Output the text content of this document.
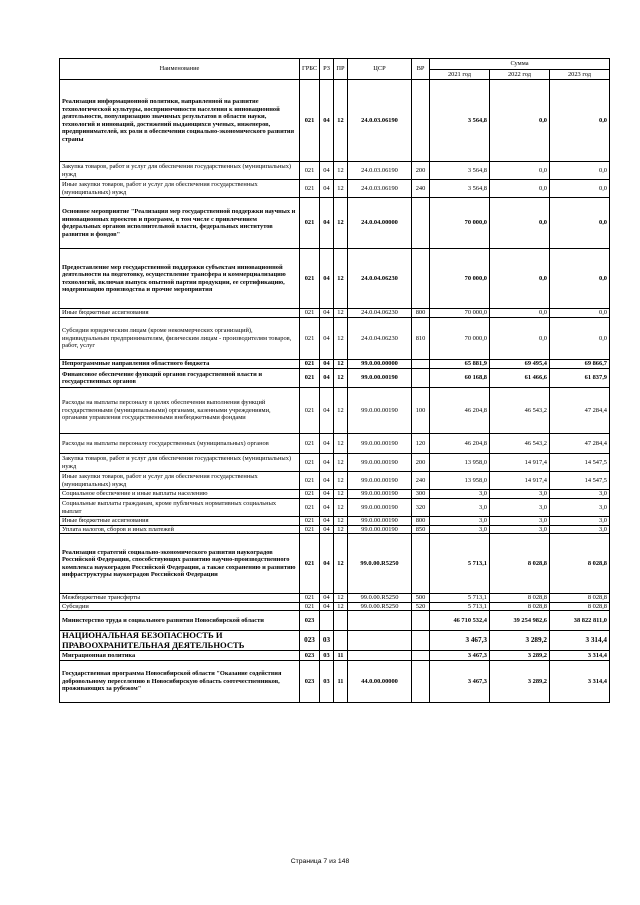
Наименование	ГРБС	РЗ	ПР	ЦСР	ВР	Сумма		
						2021 год	2022 год	2023 год
Реализация информационной политики, направленной на развитие технологической культуры, восприимчивости населения к инновационной деятельности, популяризацию значимых результатов в области науки, технологий и инноваций, достижений выдающихся ученых, инженеров, предпринимателей, их роли в обеспечении социально-экономического развития страны	021	04	12	24.0.03.06190		3 564,8	0,0	0,0
Закупка товаров, работ и услуг для обеспечения государственных (муниципальных) нужд	021	04	12	24.0.03.06190	200	3 564,8	0,0	0,0
Иные закупки товаров, работ и услуг для обеспечения государственных (муниципальных) нужд	021	04	12	24.0.03.06190	240	3 564,8	0,0	0,0
Основное мероприятие "Реализация мер государственной поддержки научных и инновационных проектов и программ, в том числе с привлечением федеральных органов исполнительной власти, федеральных институтов развития и фондов"	021	04	12	24.0.04.00000		70 000,0	0,0	0,0
Предоставление мер государственной поддержки субъектам инновационной деятельности на подготовку, осуществление трансфера и коммерциализацию технологий, включая выпуск опытной партии продукции, ее сертификацию, модернизацию производства и прочие мероприятия	021	04	12	24.0.04.06230		70 000,0	0,0	0,0
Иные бюджетные ассигнования	021	04	12	24.0.04.06230	800	70 000,0	0,0	0,0
Субсидии юридическим лицам (кроме некоммерческих организаций), индивидуальным предпринимателям, физическим лицам - производителям товаров, работ, услуг	021	04	12	24.0.04.06230	810	70 000,0	0,0	0,0
Непрограммные направления областного бюджета	021	04	12	99.0.00.00000		65 881,9	69 495,4	69 866,7
Финансовое обеспечение функций органов государственной власти и государственных органов	021	04	12	99.0.00.00190		60 168,8	61 466,6	61 837,9
Расходы на выплаты персоналу в целях обеспечения выполнения функций государственными (муниципальными) органами, казенными учреждениями, органами управления государственными внебюджетными фондами	021	04	12	99.0.00.00190	100	46 204,8	46 543,2	47 284,4
Расходы на выплаты персоналу государственных (муниципальных) органов	021	04	12	99.0.00.00190	120	46 204,8	46 543,2	47 284,4
Закупка товаров, работ и услуг для обеспечения государственных (муниципальных) нужд	021	04	12	99.0.00.00190	200	13 958,0	14 917,4	14 547,5
Иные закупки товаров, работ и услуг для обеспечения государственных (муниципальных) нужд	021	04	12	99.0.00.00190	240	13 958,0	14 917,4	14 547,5
Социальное обеспечение и иные выплаты населению	021	04	12	99.0.00.00190	300	3,0	3,0	3,0
Социальные выплаты гражданам, кроме публичных нормативных социальных выплат	021	04	12	99.0.00.00190	320	3,0	3,0	3,0
Иные бюджетные ассигнования	021	04	12	99.0.00.00190	800	3,0	3,0	3,0
Уплата налогов, сборов и иных платежей	021	04	12	99.0.00.00190	850	3,0	3,0	3,0
Реализация стратегий социально-экономического развития наукоградов Российской Федерации, способствующих развитию научно-производственного комплекса наукоградов Российской Федерации, а также сохранению и развитию инфраструктуры наукоградов Российской Федерации	021	04	12	99.0.00.R5250		5 713,1	8 028,8	8 028,8
Межбюджетные трансферты	021	04	12	99.0.00.R5250	500	5 713,1	8 028,8	8 028,8
Субсидии	021	04	12	99.0.00.R5250	520	5 713,1	8 028,8	8 028,8
Министерство труда и социального развития Новосибирской области	023					46 710 532,4	39 254 982,6	38 822 811,0
НАЦИОНАЛЬНАЯ БЕЗОПАСНОСТЬ И ПРАВООХРАНИТЕЛЬНАЯ ДЕЯТЕЛЬНОСТЬ	023	03				3 467,3	3 289,2	3 314,4
Миграционная политика	023	03	11			3 467,3	3 289,2	3 314,4
Государственная программа Новосибирской области "Оказание содействия добровольному переселению в Новосибирскую область соотечественников, проживающих за рубежом"	023	03	11	44.0.00.00000		3 467,3	3 289,2	3 314,4
Страница 7 из 148
